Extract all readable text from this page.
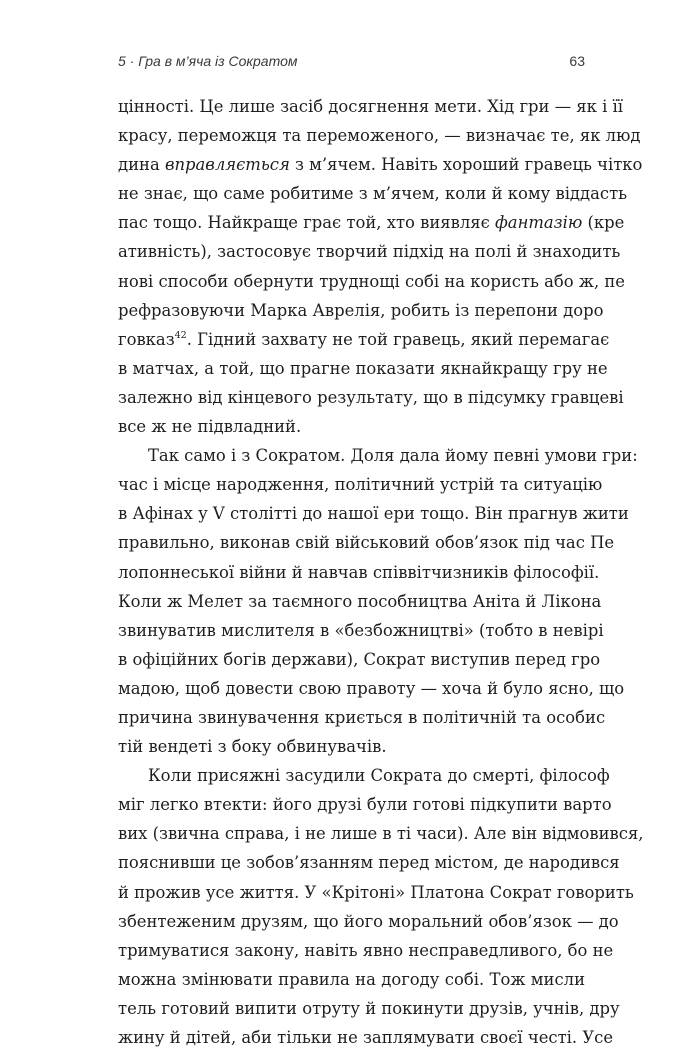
5 · Гра в м’яча із Сократом	63
цінності. Це лише засіб досягнення мети. Хід гри — як і її
красу, переможця та переможеного, — визначає те, як люд
дина вправляється з м’ячем. Навіть хороший гравець чітко
не знає, що саме робитиме з м’ячем, коли й кому віддасть
пас тощо. Найкраще грає той, хто виявляє фантазію (кре
ативність), застосовує творчий підхід на полі й знаходить
нові способи обернути труднощі собі на користь або ж, пе
рефразовуючи Марка Аврелія, робить із перепони доро
говказ$^{42}$. Гідний захвату не той гравець, який перемагає
в матчах, а той, що прагне показати якнайкращу гру не
залежно від кінцевого результату, що в підсумку гравцеві
все ж не підвладний.
Так само і з Сократом. Доля дала йому певні умови гри:
час і місце народження, політичний устрій та ситуацію
в Афінах у V столітті до нашої ери тощо. Він прагнув жити
правильно, виконав свій військовий обов’язок під час Пе
лопоннеської війни й навчав співвітчизників філософії.
Коли ж Мелет за таємного пособництва Аніта й Лікона
звинуватив мислителя в «безбожництві» (тобто в невірі
в офіційних богів держави), Сократ виступив перед гро
мадою, щоб довести свою правоту — хоча й було ясно, що
причина звинувачення криється в політичній та особис
тій вендеті з боку обвинувачів.
Коли присяжні засудили Сократа до смерті, філософ
міг легко втекти: його друзі були готові підкупити варто
вих (звична справа, і не лише в ті часи). Але він відмовився,
пояснивши це зобов’язанням перед містом, де народився
й прожив усе життя. У «Крітоні» Платона Сократ говорить
збентеженим друзям, що його моральний обов’язок — до
тримуватися закону, навіть явно несправедливого, бо не
можна змінювати правила на догоду собі. Тож мисли
тель готовий випити отруту й покинути друзів, учнів, дру
жину й дітей, аби тільки не заплямувати своєї честі. Усе
